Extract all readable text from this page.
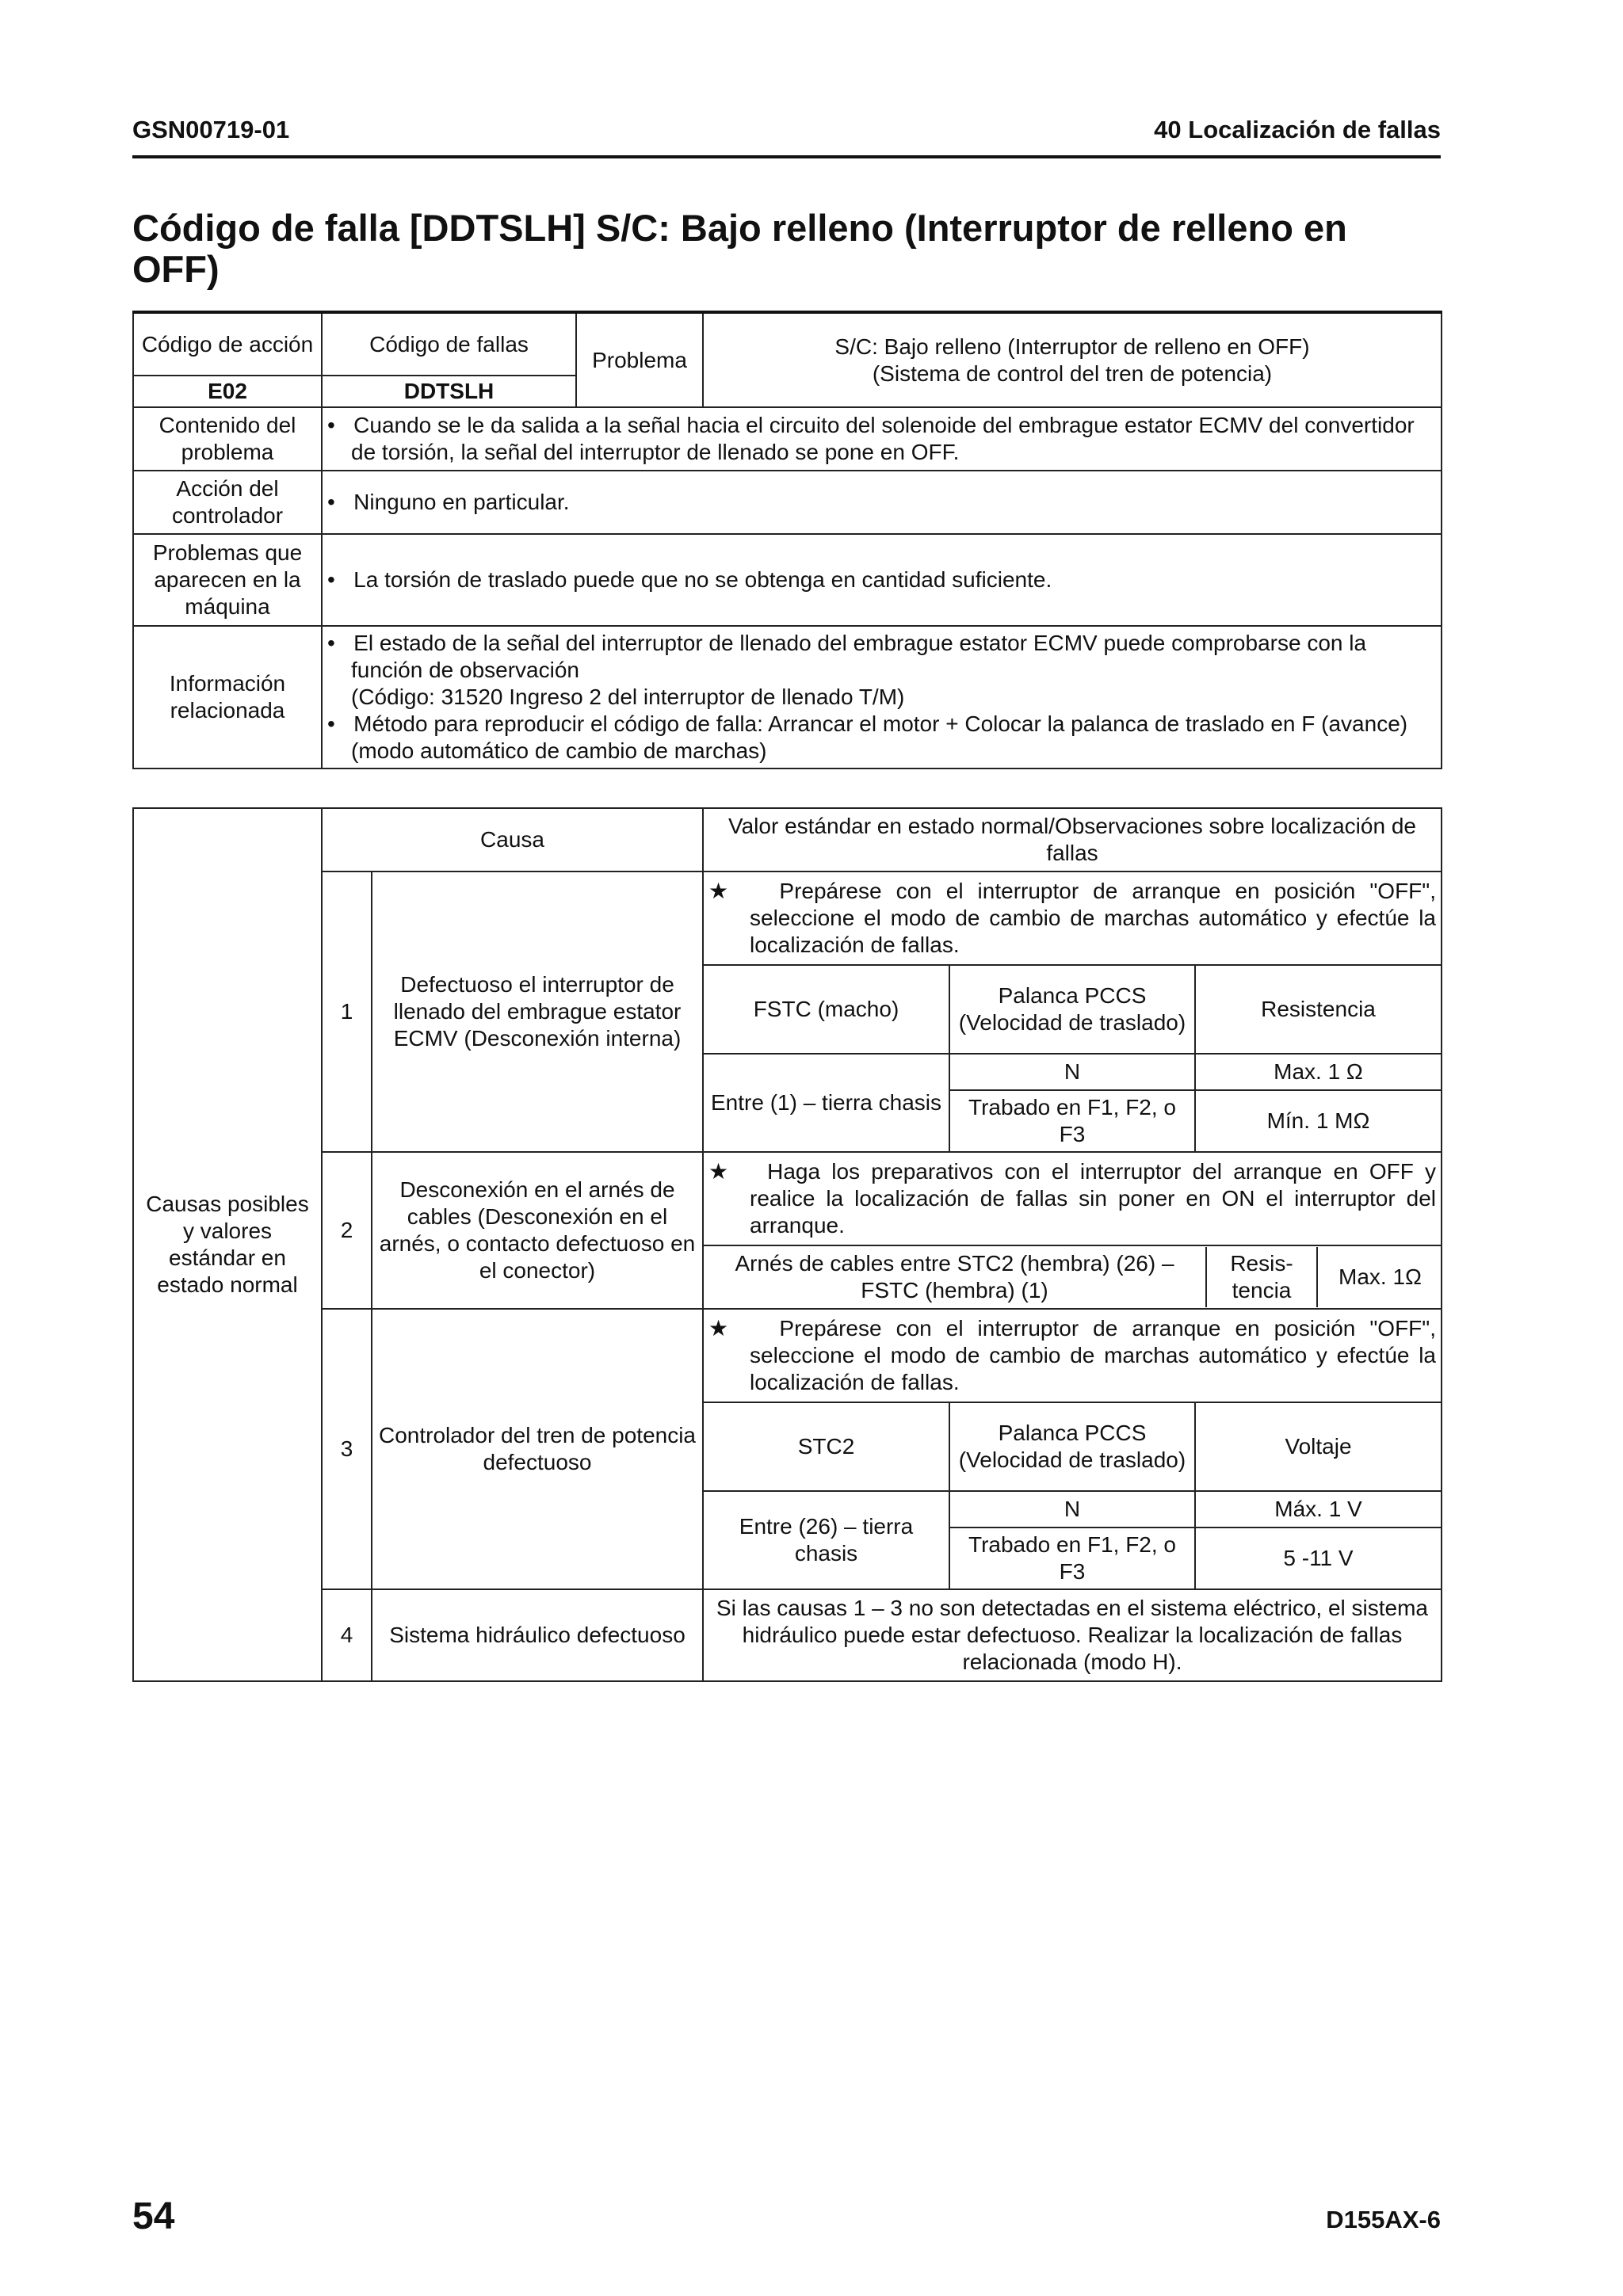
GSN00719-01	40 Localización de fallas
Código de falla [DDTSLH] S/C: Bajo relleno (Interruptor de relleno en OFF)
Código de acción	Código de fallas	Problema	S/C: Bajo relleno (Interruptor de relleno en OFF)
(Sistema de control del tren de potencia)
E02	DDTSLH		
Contenido del problema	• Cuando se le da salida a la señal hacia el circuito del solenoide del embrague estator ECMV del convertidor de torsión, la señal del interruptor de llenado se pone en OFF.		

Acción del controlador	• Ninguno en particular.		

Problemas que aparecen en la máquina	• La torsión de traslado puede que no se obtenga en cantidad suficiente.		

Información relacionada	• El estado de la señal del interruptor de llenado del embrague estator ECMV puede comprobarse con la función de observación
(Código: 31520 Ingreso 2 del interruptor de llenado T/M)
• Método para reproducir el código de falla: Arrancar el motor + Colocar la palanca de traslado en F (avance) (modo automático de cambio de marchas)		
Causas posibles y valores estándar en estado normal	Causa	Valor estándar en estado normal/Observaciones sobre localización de fallas
1	Defectuoso el interruptor de llenado del embrague estator ECMV (Desconexión interna)	
★ Prepárese con el interruptor de arranque en posición "OFF", seleccione el modo de cambio de marchas automático y efectúe la localización de fallas.

FSTC (macho)	Palanca PCCS (Velocidad de traslado)	Resistencia
Entre (1) – tierra chasis	N	Max. 1 Ω
Trabado en F1, F2, o F3	Mín. 1 MΩ
2	Desconexión en el arnés de cables (Desconexión en el arnés, o contacto defectuoso en el conector)	
★ Haga los preparativos con el interruptor del arranque en OFF y realice la localización de fallas sin poner en ON el interruptor del arranque.

Arnés de cables entre STC2 (hembra) (26) – FSTC (hembra) (1)	Resis-tencia	Max. 1Ω

3	Controlador del tren de potencia defectuoso	
★ Prepárese con el interruptor de arranque en posición "OFF", seleccione el modo de cambio de marchas automático y efectúe la localización de fallas.

STC2	Palanca PCCS (Velocidad de traslado)	Voltaje
Entre (26) – tierra chasis	N	Máx. 1 V
Trabado en F1, F2, o F3	5 -11 V
4	Sistema hidráulico defectuoso	Si las causas 1 – 3 no son detectadas en el sistema eléctrico, el sistema hidráulico puede estar defectuoso. Realizar la localización de fallas relacionada (modo H).
54	D155AX-6
